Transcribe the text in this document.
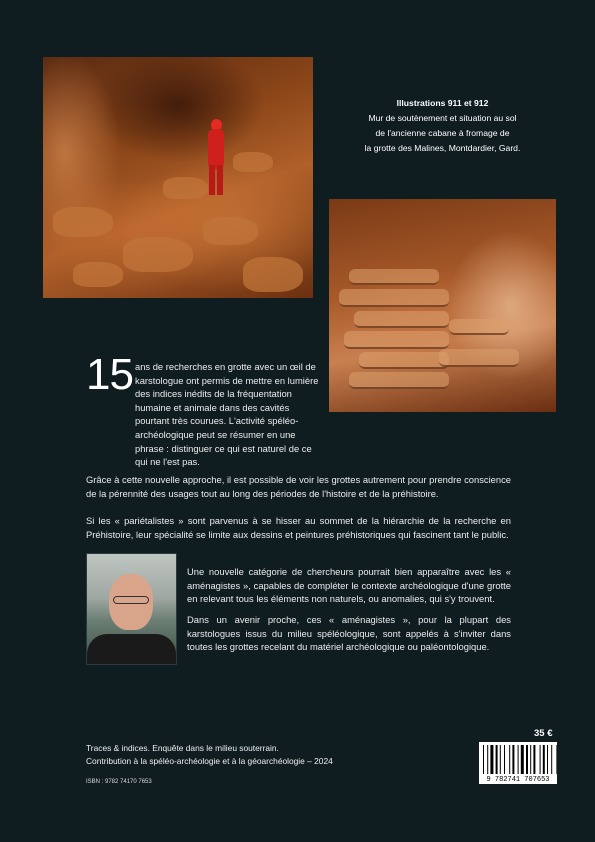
Illustrations 911 et 912
Mur de soutènement et situation au sol
de l'ancienne cabane à fromage de
la grotte des Malines, Montdardier, Gard.
15 ans de recherches en grotte avec un œil de karstologue ont permis de mettre en lumière des indices inédits de la fréquentation humaine et animale dans des cavités pourtant très courues. L'activité spéléo-archéologique peut se résumer en une phrase : distinguer ce qui est naturel de ce qui ne l'est pas.

Grâce à cette nouvelle approche, il est possible de voir les grottes autrement pour prendre conscience de la pérennité des usages tout au long des périodes de l'histoire et de la préhistoire.

Si les « pariétalistes » sont parvenus à se hisser au sommet de la hiérarchie de la recherche en Préhistoire, leur spécialité se limite aux dessins et peintures préhistoriques qui fascinent tant le public.

Une nouvelle catégorie de chercheurs pourrait bien apparaître avec les « aménagistes », capables de compléter le contexte archéologique d'une grotte en relevant tous les éléments non naturels, ou anomalies, qui s'y trouvent.

Dans un avenir proche, ces « aménagistes », pour la plupart des karstologues issus du milieu spéléologique, sont appelés à s'inviter dans toutes les grottes recelant du matériel archéologique ou paléontologique.

35 €

Traces & indices. Enquête dans le milieu souterrain.

Contribution à la spéléo-archéologie et à la géoarchéologie – 2024

ISBN : 9782 74170 7653	9 782741 707653
